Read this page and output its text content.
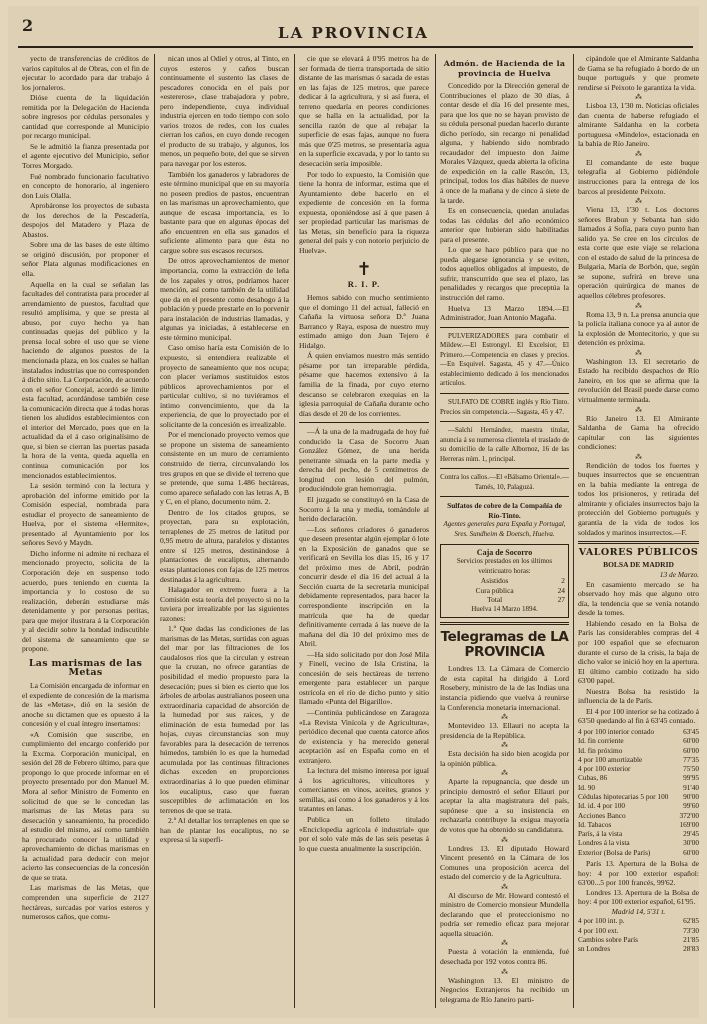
2	LA PROVINCIA

yecto de transferencias de créditos de varios capítulos al de Obras, con el fin de ejecutar lo acordado para dar trabajo á los jornaleros.

Dióse cuenta de la liquidación remitida por la Delegación de Hacienda sobre ingresos por cédulas personales y cantidad que corresponde al Municipio por recargo municipal.

Se le admitió la fianza presentada por el agente ejecutivo del Municipio, señor Torres Morgado.

Fué nombrado funcionario facultativo en concepto de honorario, al ingeniero don Luis Olalla.

Aprobáronse los proyectos de subasta de los derechos de la Pescadería, despojos del Matadero y Plaza de Abastos.

Sobre una de las bases de este último se originó discusión, por proponer el señor Plata algunas modificaciones en ella.

Aquella en la cual se señalan las facultades del contratista para proceder al arrendamiento de puestos, facultad que resultó amplísima, y que se presta al abuso, por cuyo hecho ya han continuadas quejas del público y la prensa local sobre el uso que se viene haciendo de algunos puestos de la mencionada plaza, en los cuales se hallan instalados industrias que no corresponden á dicho sitio. La Corporación, de acuerdo con el señor Concejal, acordó se limite esta facultad, acordándose también cese la comunicación directa que á todas horas tienen los aludidos establecimientos con el interior del Mercado, pues que en la actualidad da el á caso originalísimo de que, si bien se cierran las puertas pasada la hora de la venta, queda aquella en continua comunicación por los mencionados establecimientos.

La sesión terminó con la lectura y aprobación del informe emitido por la Comisión especial, nombrada para estudiar el proyecto de saneamiento de Huelva, por el sistema «Hermite», presentado al Ayuntamiento por los señores Sevó y Maydn.

Dicho informe ni admite ni rechaza el mencionado proyecto, solicita de la Corporación deje en suspenso todo acuerdo, pues teniendo en cuenta la importancia y lo costoso de su realización, deberán estudiarse más detenidamente y por personas peritas, para que mejor ilustrara á la Corporación y al decidir sobre la bondad indiscutible del sistema de saneamiento que se propone.

Las marismas de las Metas

La Comisión encargada de informar en el expediente de concesión de la marisma de las «Metas», dió en la sesión de anoche su dictamen que es opuesto á la concesión y el cual íntegro insertamos:

«A Comisión que suscribe, en cumplimiento del encargo conferido por la Excma. Corporación municipal, en sesión del 28 de Febrero último, para que propongo lo que procede informar en el proyecto presentado por don Manuel M. Mora al señor Ministro de Fomento en solicitud de que se le concedan las marismas de las Metas para su desecación y saneamiento, ha procedido al estudio del mismo, así como también ha procurado conocer la utilidad y aprovechamiento de dichas marismas en la actualidad para deducir con mejor acierto las consecuencias de la concesión de que se trata.

Las marismas de las Metas, que comprenden una superficie de 2127 hectáreas, surcadas por varios esteros y numerosos caños, que comu-

nican unos al Odiel y otros, al Tinto, en cuyos esteros y caños buscan continuamente el sustento las clases de pescadores conocida en el país por «estereros», clase trabajadora y pobre, pero independiente, cuya individual industria ejercen en todo tiempo con solo varios trozos de redes, con los cuales cierran los caños, en cuyo donde recogen el producto de su trabajo, y algunos, los menos, un pequeño bote, del que se sirven para navegar por los esteros.

También los ganaderos y labradores de este término municipal que en su mayoría no poseen predios de pastos, encuentran en las marismas un aprovechamiento, que aunque de escasa importancia, es lo bastante para que en algunas épocas del año encuentren en ella sus ganados el suficiente alimento para que ésta no cargue sobre sus escasos recursos.

De otros aprovechamientos de menor importancia, como la extracción de leña de los zapales y otros, podríamos hacer mención, así como también de la utilidad que da en el presente como desahogo á la población y puede prestarle en lo porvenir para instalación de industrias llamadas, y algunas ya iniciadas, á establecerse en este término municipal.

Caso omiso haría esta Comisión de lo expuesto, si entendiera realizable el proyecto de saneamiento que nos ocupa; con placer veríamos sustituidos estos públicos aprovechamientos por el particular cultivo, si no tuviéramos el íntimo convencimiento, que da la experiencia, de que lo proyectado por el solicitante de la concesión es irrealizable.

Por el mencionado proyecto vemos que se propone un sistema de saneamiento consistente en un muro de cerramiento construido de tierra, circunvalando los tres grupos en que se divide el terreno que se pretende, que suma 1.486 hectáreas, como aparece señalado con las letras A, B y C, en el plano, documento núm. 2.

Dentro de los citados grupos, se proyectan, para su explotación, terraplenes de 25 metros de latitud por 0,95 metro de altura, paralelos y distantes entre sí 125 metros, destinándose á plantaciones de eucaliptus, alternando estas plantaciones con fajas de 125 metros destinadas á la agricultura.

Halagador en extremo fuera a la Comisión esta teoría del proyecto si no la tuviera por irrealizable por las siguientes razones:

1.ª Que dadas las condiciones de las marismas de las Metas, surtidas con aguas del mar por las filtraciones de los caudalosos ríos que la circulan y estrean que la cruzan, no ofrece garantías de posibilidad el medio propuesto para la desecación; pues si bien es cierto que los árboles de arbolas australianos poseen una extraordinaria capacidad de absorción de la humedad por sus raíces, y de eliminación de esta humedad por las hojas, cuyas circunstancias son muy favorables para la desecación de terrenos húmedos, también lo es que la humedad acumulada por las continuas filtraciones dichas exceden en proporciones extraordinarias á lo que pueden eliminar los eucaliptus, caso que fueran susceptibles de aclimatación en los terrenos de que se trata.

2.ª Al detallar los terraplenes en que se han de plantar los eucaliptus, no se expresa si la superfi-

cie que se elevará á 0'95 metros ha de ser formada de tierra transportada de sitio distante de las marismas ó sacada de estas en las fajas de 125 metros, que parece dedicar á la agricultura, y si así fuera, el terreno quedaría en peores condiciones que se halla en la actualidad, por la sencilla razón de que al rebajar la superficie de esas fajas, aunque no fuera más que 0'25 metros, se presentaría agua en la superficie excavada, y por lo tanto su desecación sería imposible.

Por todo lo expuesto, la Comisión que tiene la honra de informar, estima que el Ayuntamiento debe hacerlo en el expediente de concesión en la forma expuesta, oponiéndose así á que pasen á ser propiedad particular las marismas de las Metas, sin beneficio para la riqueza general del país y con notorio perjuicio de Huelva».

✝
R. I. P.

Hemos sabido con mucho sentimiento que el domingo 11 del actual, falleció en Cañaña la virtuosa señora D.ª Juana Barranco y Raya, esposa de nuestro muy estimado amigo don Juan Tejero é Hidalgo.

Á quien enviamos nuestro más sentido pésame por tan irreparable pérdida, pésame que hacemos extensivo á la familia de la finada, por cuyo eterno descanso se celebraron exequias en la iglesia parroquial de Cañaña durante ocho días desde el 20 de los corrientes.

—Á la una de la madrugada de hoy fué conducido la Casa de Socorro Juan González Gómez, de una herida penetrante situada en la parte media y derecha del pecho, de 5 centímetros de longitud con lesión del pulmón, produciéndole gran hemorragia.

El juzgado se constituyó en la Casa de Socorro á la una y media, tomándole al herido declaración.

—Los señores criadores ó ganaderos que deseen presentar algún ejemplar ó lote en la Exposición de ganados que se verificará en Sevilla los días 15, 16 y 17 del próximo mes de Abril, podrán concurrir desde el día 16 del actual á la Sección cuarta de la secretaría municipal debidamente representados, para hacer la correspondiente inscripción en la matrícula que ha de quedar definitivamente cerrada á las nueve de la mañana del día 10 del próximo mes de Abril.

—Ha sido solicitado por don José Mila y Finelí, vecino de Isla Cristina, la concesión de seis hectáreas de terreno emergente para establecer un parque ostrícola en el río de dicho punto y sitio llamado «Punta del Bigarillo».

—Continúa publicándose en Zaragoza «La Revista Vinícola y de Agricultura», periódico decenal que cuenta catorce años de existencia y ha merecido general aceptación así en España como en el extranjero.

La lectura del mismo interesa por igual á los agricultores, viticultores y comerciantes en vinos, aceites, granos y semillas, así como á los ganaderos y á los tratantes en lanas.

Publica un folleto titulado «Enciclopedia agrícola é industrial» que por el solo vale más de las seis pesetas á lo que cuesta anualmente la suscripción.

Admón. de Hacienda de la provincia de Huelva

Concedido por la Dirección general de Contribuciones el plazo de 30 días, á contar desde el día 16 del presente mes, para que los que no se hayan provisto de su cédula personal puedan hacerlo durante dicho período, sin recargo ni penalidad alguna, y habiendo sido nombrado recaudador del impuesto don Jaime Morales Vázquez, queda abierta la oficina de expedición en la calle Rascón, 13, principal, todos los días hábiles de nueve á once de la mañana y de cinco á siete de la tarde.

Es en consecuencia, quedan anuladas todas las cédulas del año económico anterior que hubieran sido habilitadas para el presente.

Lo que se hace público para que no pueda alegarse ignorancia y se eviten, todos aquellos obligados al impuesto, de sufrir, transcurrido que sea el plazo, las penalidades y recargos que preceptúa la instrucción del ramo.

Huelva 13 Marzo 1894.—El Administrador, Juan Antonio Magaña.

PULVERIZADORES para combatir el Mildew.—El Estrongyl. El Excelsior, El Primero.—Competencia en clases y precios.—En Esquivel. Sagasta, 45 y 47.—Único establecimiento dedicado á los mencionados artículos.

SULFATO DE COBRE inglés y Río Tinto. Precios sin competencia.—Sagasta, 45 y 47.

—Salchí Hernández, maestra titular, anuncia á su numerosa clientela el traslado de su domicilio de la calle Albornoz, 16 de las Herreras núm. 1, principal.

Contra los callos.—El «Bálsamo Oriental».—Tamés, 10, Palaguzá.

Sulfatos de cobre de la Compañía de Río-Tinto.

Agentes generales para España y Portugal, Sres. Sundheim & Doetsch, Huelva.

Caja de Socorro
Servicios prestados en los últimos veinticuatro horas:
Asistidos	2
Cura pública	24
Total	27
Huelva 14 Marzo 1894.
Telegramas de LA PROVINCIA

Londres 13. La Cámara de Comercio de esta capital ha dirigido á Lord Rosebery, ministro de la de las Indias una instancia pidiendo que vuelva á reunirse la Conferencia monetaria internacional.

⁂

Montevideo 13. Ellauri no acepta la presidencia de la República.

⁂

Esta decisión ha sido bien acogida por la opinión pública.

⁂

Aparte la repugnancia, que desde un principio demostró el señor Ellauri por aceptar la alta magistratura del país, supónese que a su insistencia en rechazarla contribuye la exigua mayoría de votos que ha obtenido su candidatura.

⁂

Londres 13. El diputado Howard Vincent presentó en la Cámara de los Comunes una proposición acerca del estado del comercio y de la Agricultura.

⁂

Al discurso de Mr. Howard contestó el ministro de Comercio monsieur Mundella declarando que el proteccionismo no podría ser remedio eficaz para mejorar aquella situación.

⁂

Puesta á votación la enmienda, fué desechada por 192 votos contra 86.

⁂

Washington 13. El ministro de Negocios Extranjeros ha recibido un telegrama de Río Janeiro parti-

cipándole que el Almirante Saldanha de Gama se ha refugiado á bordo de un buque portugués y que promete rendirse si Peixoto le garantiza la vida.

⁂

Lisboa 13, 1'30 m. Noticias oficiales dan cuenta de haberse refugiado el almirante Saldanha en la corbeta portuguesa «Mindelo», estacionada en la bahía de Río Janeiro.

⁂

El comandante de este buque telegrafía al Gobierno pidiéndole instrucciones para la entrega de los barcos al presidente Peixoto.

⁂

Viena 13, 1'30 t. Los doctores señores Brabun y Sebanta han sido llamados á Sofía, para cuyo punto han salido ya. Se cree en los círculos de esta corte que este viaje se relaciona con el estado de salud de la princesa de Bulgaria, María de Borbón, que, según se supone, sufrirá en breve una operación quirúrgica de manos de aquellos célebres profesores.

⁂

Roma 13, 9 n. La prensa anuncia que la policía italiana conoce ya al autor de la explosión de Montecitorio, y que su detención es próxima.

⁂

Washington 13. El secretario de Estado ha recibido despachos de Río Janeiro, en los que se afirma que la revolución del Brasil puede darse como virtualmente terminada.

⁂

Río Janeiro 13. El Almirante Saldanha de Gama ha ofrecido capitular con las siguientes condiciones:

⁂

Rendición de todos los fuertes y buques insurrectos que se encuentran en la bahía mediante la entrega de todos los prisioneros, y retirada del almirante y oficiales insurrectos bajo la protección del Gobierno portugués y garantía de la vida de todos los soldados y marinos insurrectos.—F.

VALORES PÚBLICOS
BOLSA DE MADRID
13 de Marzo.

En casamiento mercado se ha observado hoy más que alguno otro día, la tendencia que se venía notando desde la tomes.

Habiendo cesado en la Bolsa de París las considerables compras del 4 por 100 español que se efectuaron durante el curso de la crisis, la baja de dicho valor se inició hoy en la apertura. El último cambio cotizado ha sido 63'00 papel.

Nuestra Bolsa ha resistido la influencia de la de París.

El 4 por 100 interior se ha cotizado á 63'50 quedando al fin á 63'45 contado.

4 por 100 interior contado	63'45
Id. fin corriente	60'00
Id. fin próximo	60'00
4 por 100 amortizable	77'35
4 por 100 exterior	75'50
Cubas, 86	99'95
Id. 90	91'40
Cédulas hipotecarias 5 por 100	90'00
Id. id. 4 por 100	99'60
Acciones Banco	372'00
Id. Tabacos	169'00
París, á la vista	29'45
Londres á la vista	30'00
Exterior (Bolsa de París)	60'00

París 13. Apertura de la Bolsa de hoy: 4 por 100 exterior español: 63'00...5 por 100 francés, 99'62.

Londres 13. Apertura de la Bolsa de hoy: 4 por 100 exterior español, 61'95.

Madrid 14, 5'31 t.
4 por 100 int. p.	62'85
4 por 100 ext.	73'30
Cambios sobre París	21'85
sn Londres	28'83
